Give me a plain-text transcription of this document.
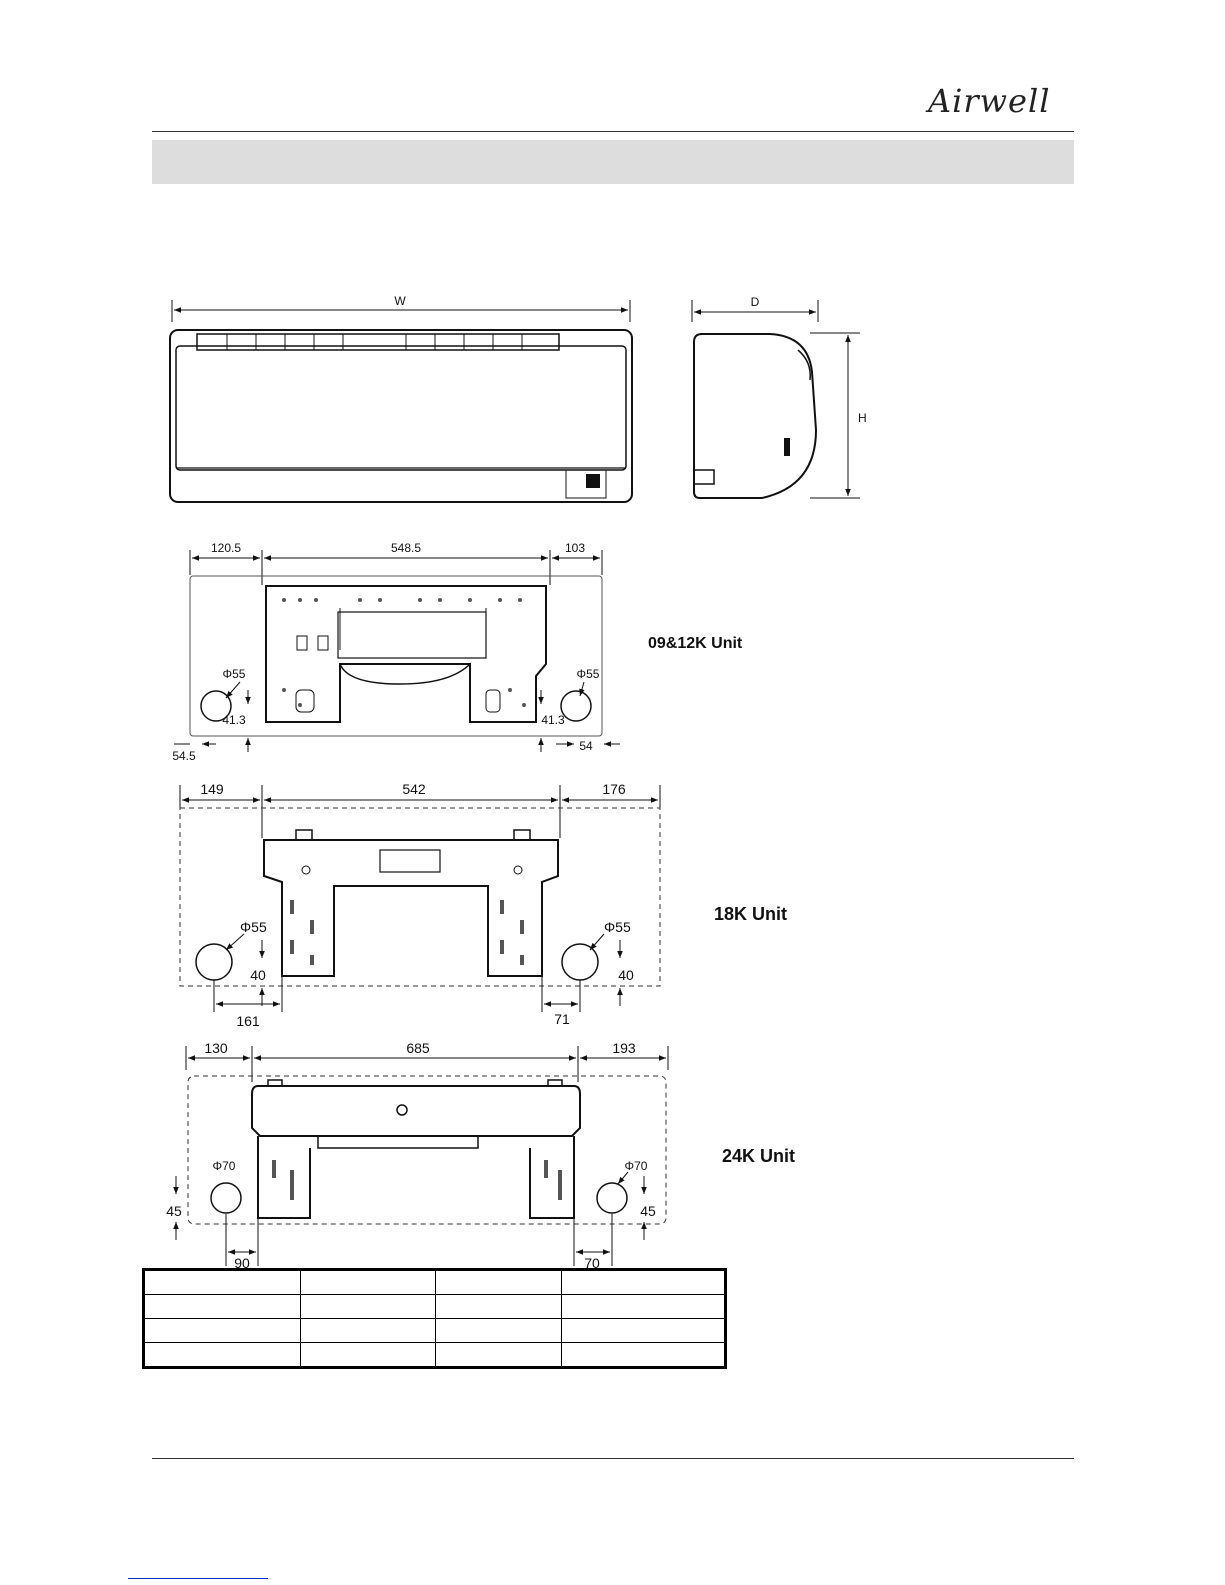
Airwell
W	D
H
120.5	548.5	103
Φ55	Φ55
41.3	41.3
54.5
54
09&12K Unit
149	542	176
Φ55	Φ55
40	40
161	71
18K Unit
130	685	193
Φ70	Φ70
45	45
90	70
24K Unit
